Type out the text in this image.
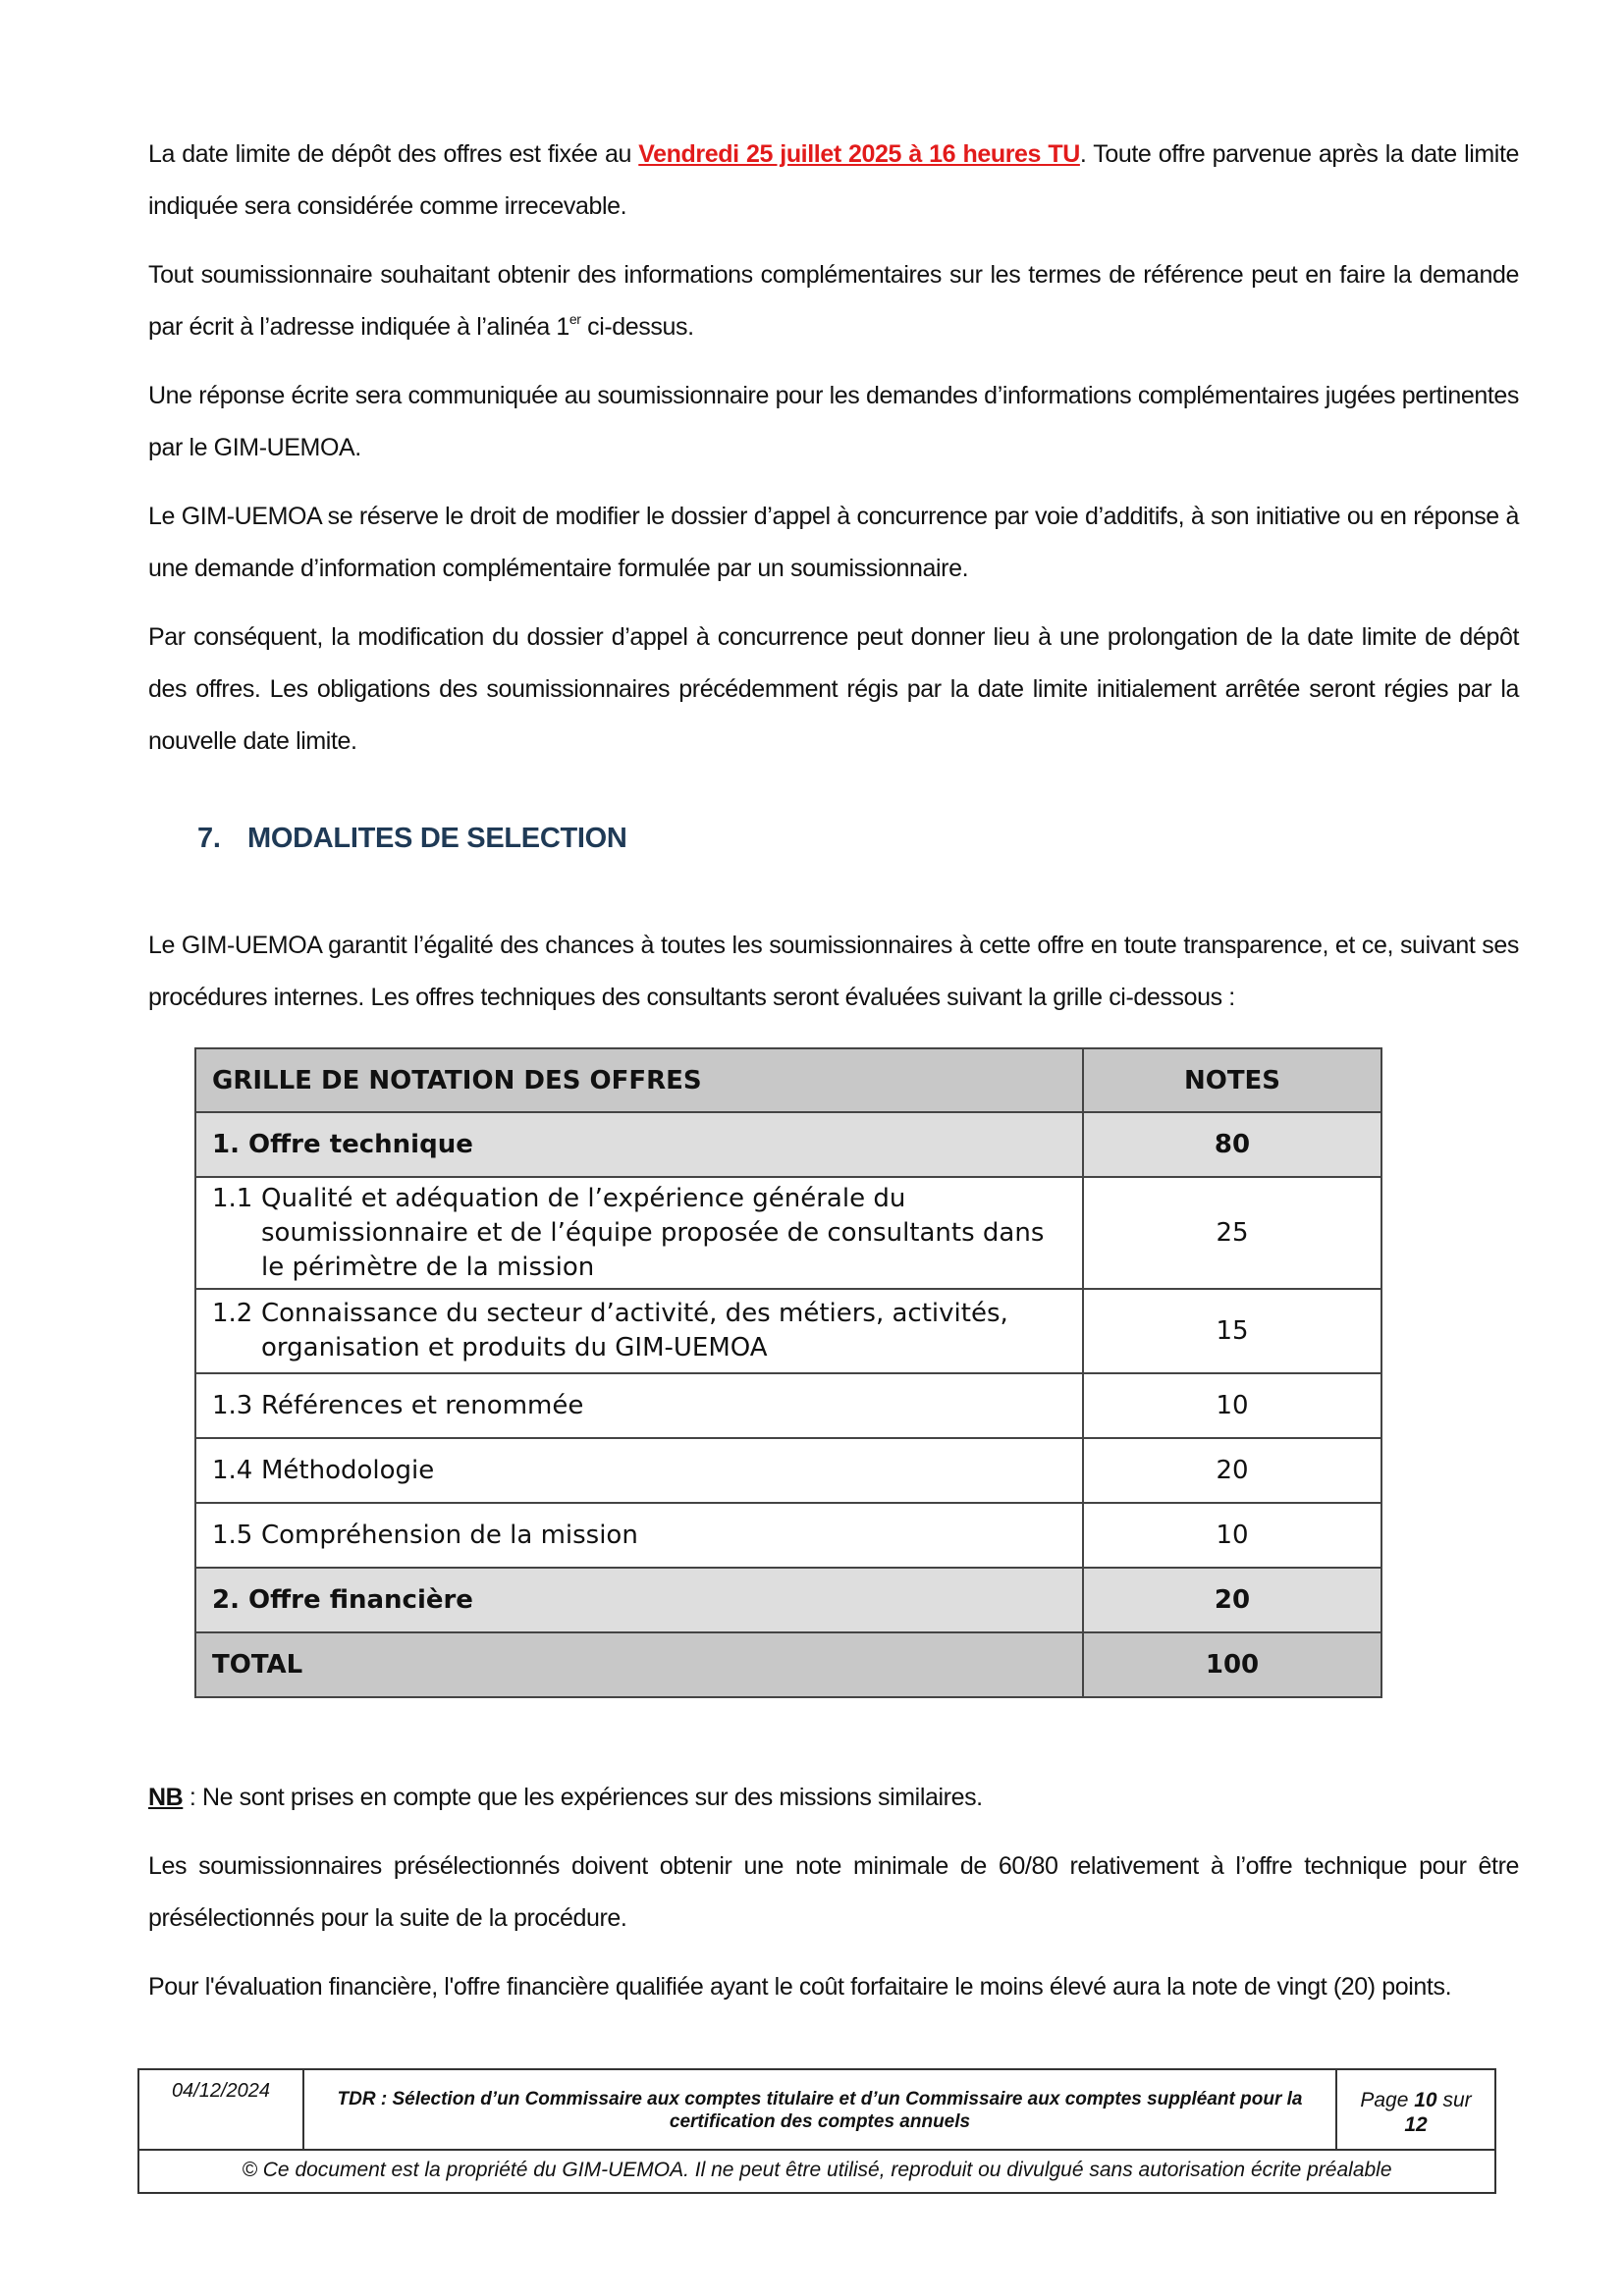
La date limite de dépôt des offres est fixée au Vendredi 25 juillet 2025 à 16 heures TU. Toute offre parvenue après la date limite indiquée sera considérée comme irrecevable.

Tout soumissionnaire souhaitant obtenir des informations complémentaires sur les termes de référence peut en faire la demande par écrit à l’adresse indiquée à l’alinéa 1er ci-dessus.

Une réponse écrite sera communiquée au soumissionnaire pour les demandes d’informations complémentaires jugées pertinentes par le GIM-UEMOA.

Le GIM-UEMOA se réserve le droit de modifier le dossier d’appel à concurrence par voie d’additifs, à son initiative ou en réponse à une demande d’information complémentaire formulée par un soumissionnaire.

Par conséquent, la modification du dossier d’appel à concurrence peut donner lieu à une prolongation de la date limite de dépôt des offres. Les obligations des soumissionnaires précédemment régis par la date limite initialement arrêtée seront régies par la nouvelle date limite.

7. MODALITES DE SELECTION

Le GIM-UEMOA garantit l’égalité des chances à toutes les soumissionnaires à cette offre en toute transparence, et ce, suivant ses procédures internes. Les offres techniques des consultants seront évaluées suivant la grille ci-dessous :

GRILLE DE NOTATION DES OFFRES	NOTES
1. Offre technique	80

1.1 Qualité et adéquation de l’expérience générale du soumissionnaire et de l’équipe proposée de consultants dans le périmètre de la mission	25

1.2 Connaissance du secteur d’activité, des métiers, activités, organisation et produits du GIM-UEMOA	15

1.3 Références et renommée	10

1.4 Méthodologie	20

1.5 Compréhension de la mission	10
2. Offre financière	20
TOTAL	100

NB : Ne sont prises en compte que les expériences sur des missions similaires.

Les soumissionnaires présélectionnés doivent obtenir une note minimale de 60/80 relativement à l’offre technique pour être présélectionnés pour la suite de la procédure.

Pour l'évaluation financière, l'offre financière qualifiée ayant le coût forfaitaire le moins élevé aura la note de vingt (20) points.

04/12/2024	TDR : Sélection d’un Commissaire aux comptes titulaire et d’un Commissaire aux comptes suppléant pour la certification des comptes annuels
Page 10 sur
12
© Ce document est la propriété du GIM-UEMOA. Il ne peut être utilisé, reproduit ou divulgué sans autorisation écrite préalable
